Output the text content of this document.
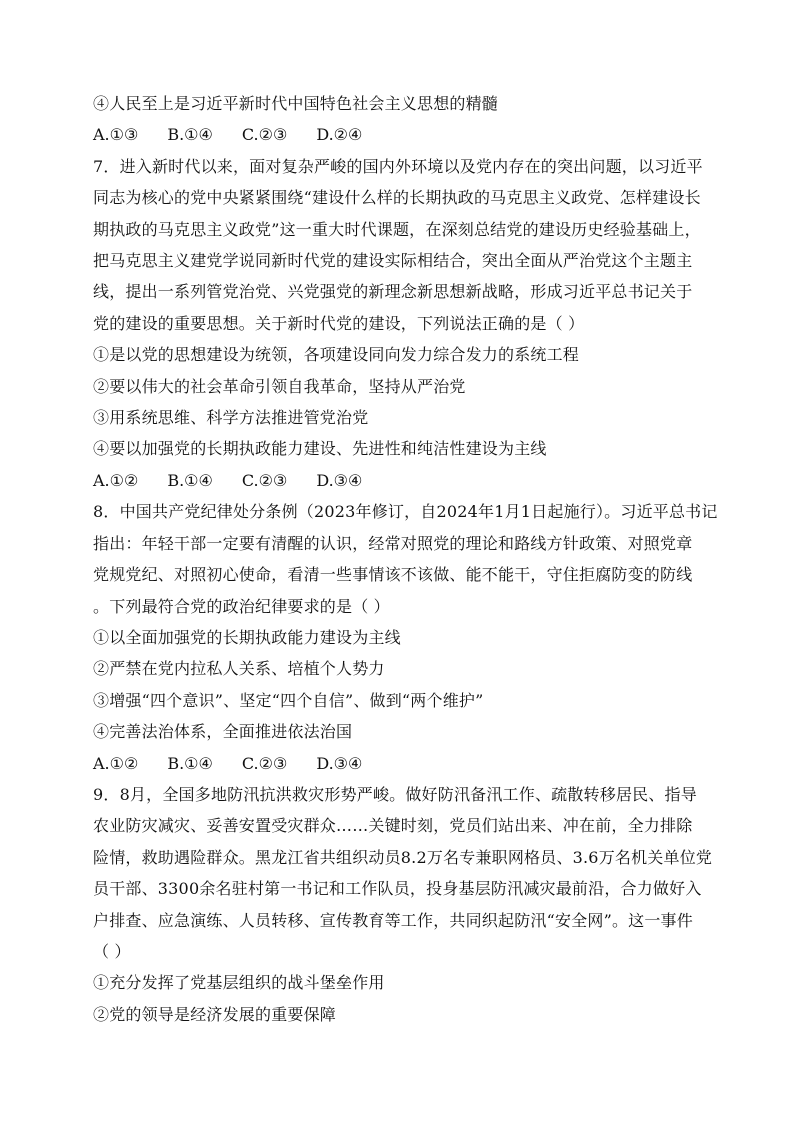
④人民至上是习近平新时代中国特色社会主义思想的精髓
A.①③ B.①④ C.②③ D.②④
7．进入新时代以来，面对复杂严峻的国内外环境以及党内存在的突出问题，以习近平
同志为核心的党中央紧紧围绕“建设什么样的长期执政的马克思主义政党、怎样建设长
期执政的马克思主义政党”这一重大时代课题，在深刻总结党的建设历史经验基础上，
把马克思主义建党学说同新时代党的建设实际相结合，突出全面从严治党这个主题主
线，提出一系列管党治党、兴党强党的新理念新思想新战略，形成习近平总书记关于
党的建设的重要思想。关于新时代党的建设，下列说法正确的是（ ）
①是以党的思想建设为统领，各项建设同向发力综合发力的系统工程
②要以伟大的社会革命引领自我革命，坚持从严治党
③用系统思维、科学方法推进管党治党
④要以加强党的长期执政能力建设、先进性和纯洁性建设为主线
A.①② B.①④ C.②③ D.③④
8．中国共产党纪律处分条例（2023年修订，自2024年1月1日起施行）。习近平总书记
指出：年轻干部一定要有清醒的认识，经常对照党的理论和路线方针政策、对照党章
党规党纪、对照初心使命，看清一些事情该不该做、能不能干，守住拒腐防变的防线
。下列最符合党的政治纪律要求的是（ ）
①以全面加强党的长期执政能力建设为主线
②严禁在党内拉私人关系、培植个人势力
③增强“四个意识”、坚定“四个自信”、做到“两个维护”
④完善法治体系，全面推进依法治国
A.①② B.①④ C.②③ D.③④
9．8月，全国多地防汛抗洪救灾形势严峻。做好防汛备汛工作、疏散转移居民、指导
农业防灾减灾、妥善安置受灾群众……关键时刻，党员们站出来、冲在前，全力排除
险情，救助遇险群众。黑龙江省共组织动员8.2万名专兼职网格员、3.6万名机关单位党
员干部、3300余名驻村第一书记和工作队员，投身基层防汛减灾最前沿，合力做好入
户排查、应急演练、人员转移、宣传教育等工作，共同织起防汛“安全网”。这一事件
（ ）
①充分发挥了党基层组织的战斗堡垒作用
②党的领导是经济发展的重要保障
